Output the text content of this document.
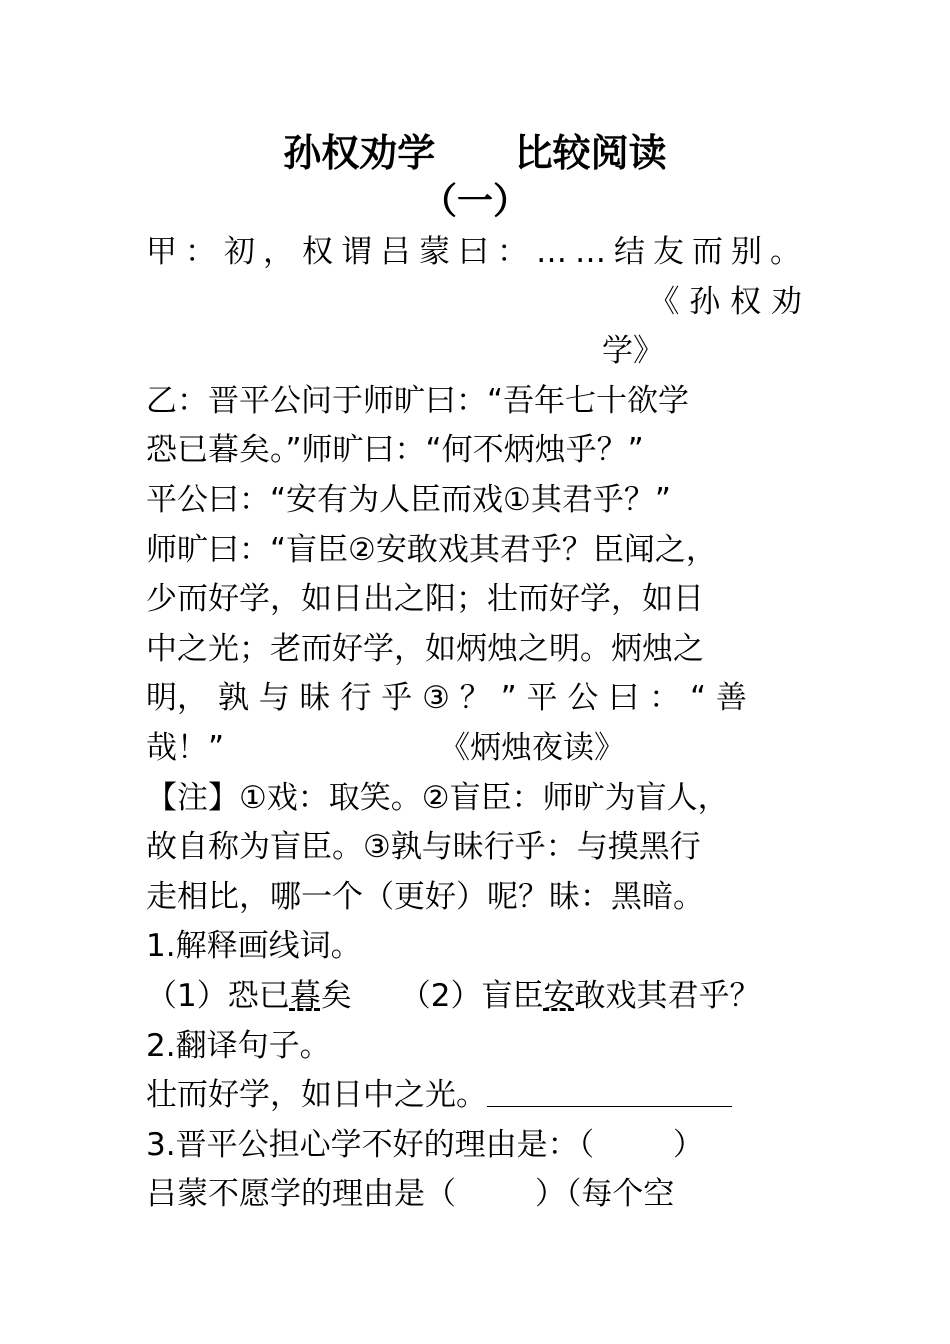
孙权劝学      比较阅读
（一）
甲：初，权谓吕蒙曰：……结友而别。
《 孙 权 劝
学》
乙：晋平公问于师旷曰：“吾年七十欲学
恐已暮矣。”师旷曰：“何不炳烛乎？”
平公曰：“安有为人臣而戏①其君乎？”
师旷曰：“盲臣②安敢戏其君乎？臣闻之，
少而好学，如日出之阳；壮而好学，如日
中之光；老而好学，如炳烛之明。炳烛之
明， 孰 与 昧 行 乎 ③ ？ ” 平 公 曰 ： “ 善
哉！”	《炳烛夜读》
【注】①戏：取笑。②盲臣：师旷为盲人，
故自称为盲臣。③孰与昧行乎：与摸黑行
走相比，哪一个（更好）呢？昧：黑暗。
1.解释画线词。
（1）恐已暮矣 （2）盲臣安敢戏其君乎？
2.翻译句子。
壮而好学，如日中之光。
3.晋平公担心学不好的理由是：（        ）
吕蒙不愿学的理由是（        ）（每个空
